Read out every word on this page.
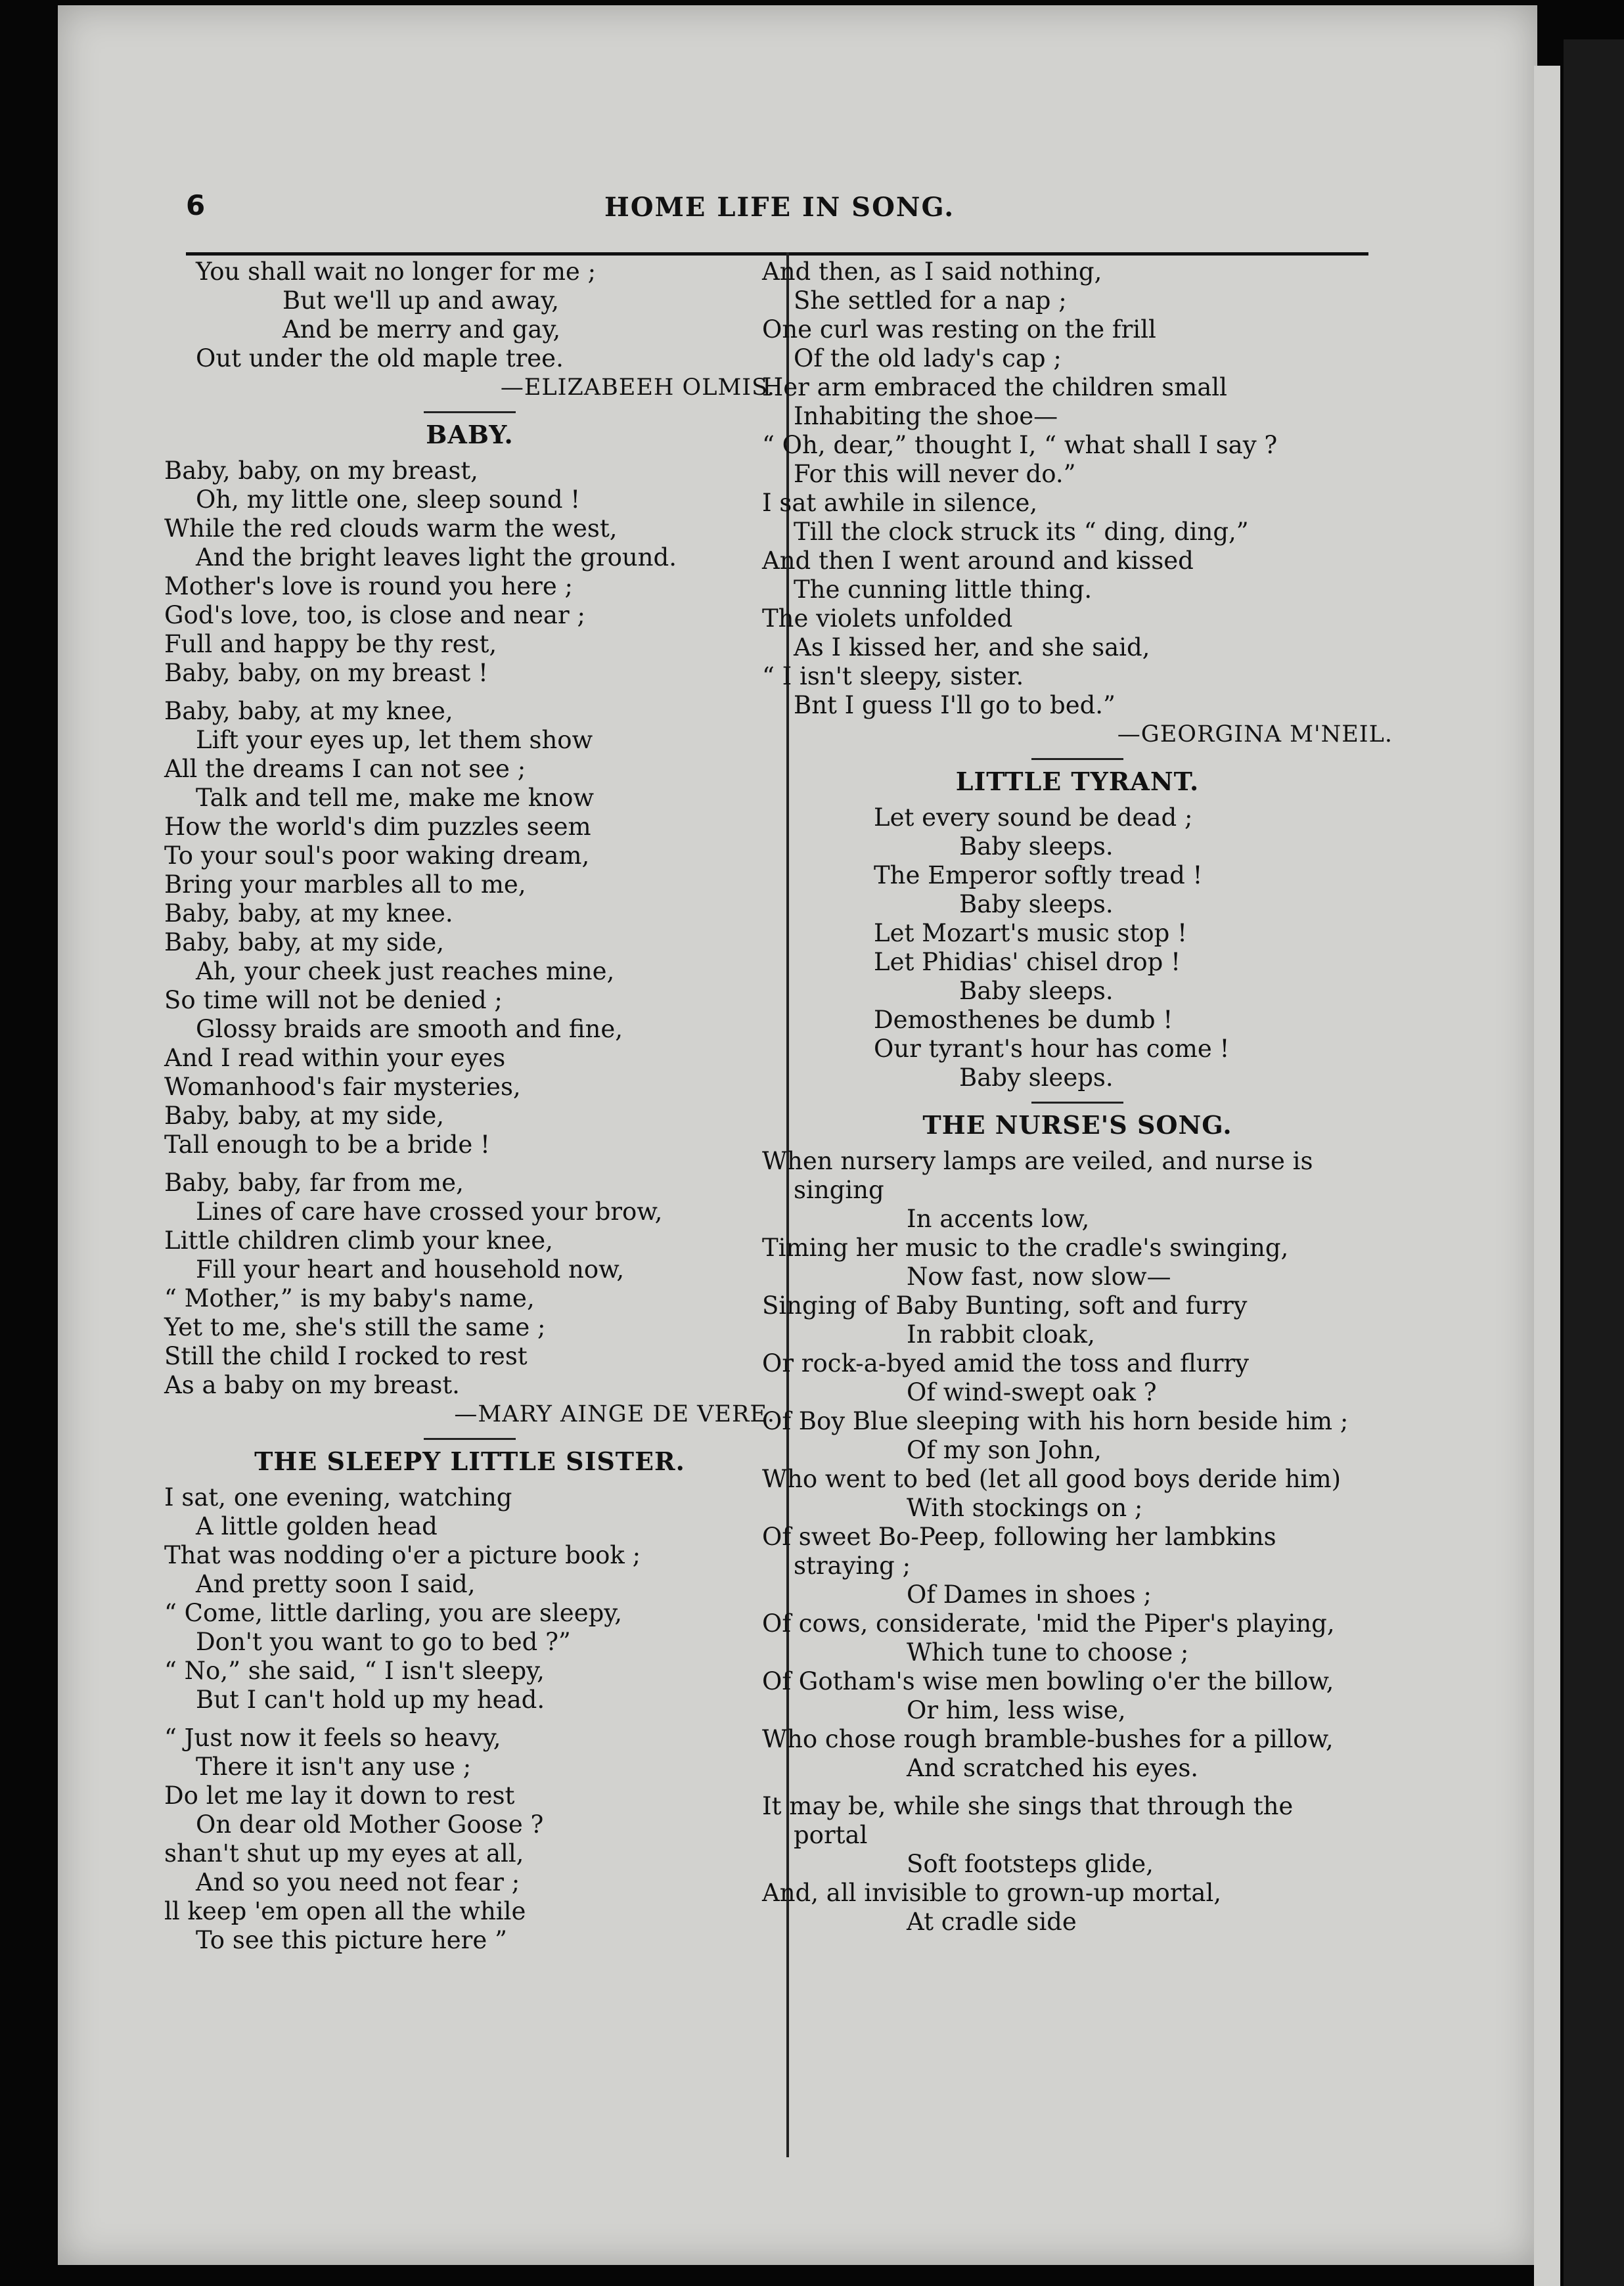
6	HOME LIFE IN SONG.
You shall wait no longer for me ;
But we'll up and away,
And be merry and gay,
Out under the old maple tree.
—ELIZABEEH OLMIS.
BABY.
Baby, baby, on my breast,
Oh, my little one, sleep sound !
While the red clouds warm the west,
And the bright leaves light the ground.
Mother's love is round you here ;
God's love, too, is close and near ;
Full and happy be thy rest,
Baby, baby, on my breast !
Baby, baby, at my knee,
Lift your eyes up, let them show
All the dreams I can not see ;
Talk and tell me, make me know
How the world's dim puzzles seem
To your soul's poor waking dream,
Bring your marbles all to me,
Baby, baby, at my knee.
Baby, baby, at my side,
Ah, your cheek just reaches mine,
So time will not be denied ;
Glossy braids are smooth and fine,
And I read within your eyes
Womanhood's fair mysteries,
Baby, baby, at my side,
Tall enough to be a bride !
Baby, baby, far from me,
Lines of care have crossed your brow,
Little children climb your knee,
Fill your heart and household now,
“ Mother,” is my baby's name,
Yet to me, she's still the same ;
Still the child I rocked to rest
As a baby on my breast.
—MARY AINGE DE VERE.
THE SLEEPY LITTLE SISTER.
I sat, one evening, watching
A little golden head
That was nodding o'er a picture book ;
And pretty soon I said,
“ Come, little darling, you are sleepy,
Don't you want to go to bed ?”
“ No,” she said, “ I isn't sleepy,
But I can't hold up my head.
“ Just now it feels so heavy,
There it isn't any use ;
Do let me lay it down to rest
On dear old Mother Goose ?
shan't shut up my eyes at all,
And so you need not fear ;
ll keep 'em open all the while
To see this picture here ”
And then, as I said nothing,
She settled for a nap ;
One curl was resting on the frill
Of the old lady's cap ;
Her arm embraced the children small
Inhabiting the shoe—
“ Oh, dear,” thought I, “ what shall I say ?
For this will never do.”
I sat awhile in silence,
Till the clock struck its “ ding, ding,”
And then I went around and kissed
The cunning little thing.
The violets unfolded
As I kissed her, and she said,
“ I isn't sleepy, sister.
Bnt I guess I'll go to bed.”
—GEORGINA M'NEIL.
LITTLE TYRANT.
Let every sound be dead ;
Baby sleeps.
The Emperor softly tread !
Baby sleeps.
Let Mozart's music stop !
Let Phidias' chisel drop !
Baby sleeps.
Demosthenes be dumb !
Our tyrant's hour has come !
Baby sleeps.
THE NURSE'S SONG.
When nursery lamps are veiled, and nurse is
singing
In accents low,
Timing her music to the cradle's swinging,
Now fast, now slow—
Singing of Baby Bunting, soft and furry
In rabbit cloak,
Or rock-a-byed amid the toss and flurry
Of wind-swept oak ?
Of Boy Blue sleeping with his horn beside him ;
Of my son John,
Who went to bed (let all good boys deride him)
With stockings on ;
Of sweet Bo-Peep, following her lambkins
straying ;
Of Dames in shoes ;
Of cows, considerate, 'mid the Piper's playing,
Which tune to choose ;
Of Gotham's wise men bowling o'er the billow,
Or him, less wise,
Who chose rough bramble-bushes for a pillow,
And scratched his eyes.
It may be, while she sings that through the
portal
Soft footsteps glide,
And, all invisible to grown-up mortal,
At cradle side
